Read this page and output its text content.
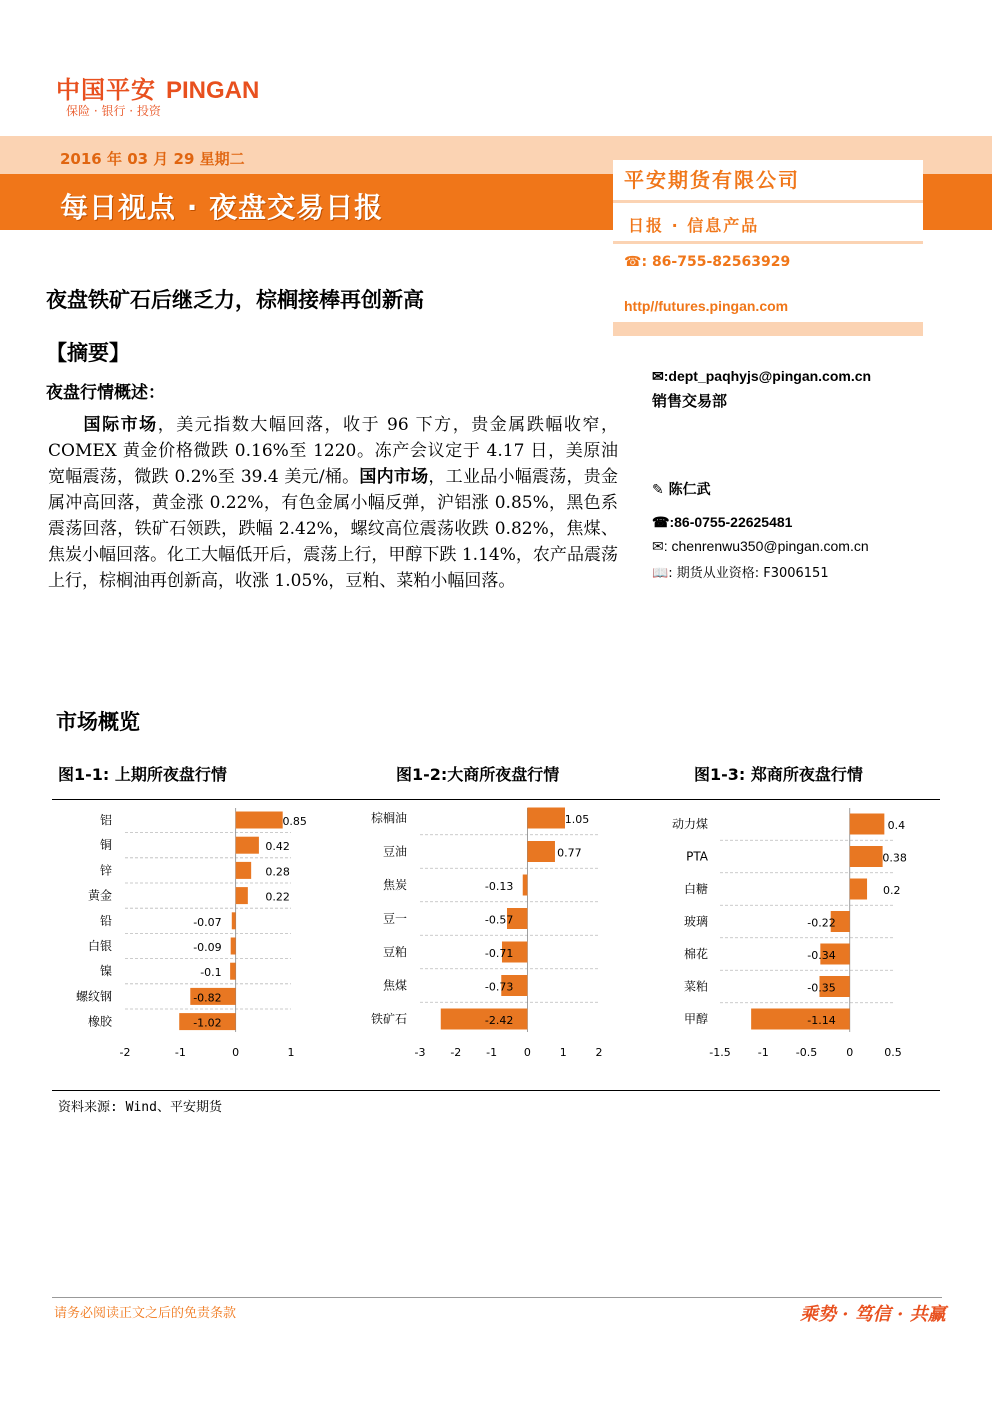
中国平安 PINGAN
保险 · 银行 · 投资
2016 年 03 月 29 星期二
每日视点 · 夜盘交易日报
平安期货有限公司
日报 · 信息产品
☎: 86-755-82563929
http//futures.pingan.com
✉:dept_paqhyjs@pingan.com.cn
销售交易部
✎ 陈仁武
☎:86-0755-22625481
✉: chenrenwu350@pingan.com.cn
📖: 期货从业资格: F3006151
夜盘铁矿石后继乏力，棕榈接棒再创新高
【摘要】
夜盘行情概述：
  国际市场，美元指数大幅回落，收于 96 下方，贵金属跌幅收窄，COMEX 黄金价格微跌 0.16%至 1220。冻产会议定于 4.17 日，美原油宽幅震荡，微跌 0.2%至 39.4 美元/桶。国内市场，工业品小幅震荡，贵金属冲高回落，黄金涨 0.22%，有色金属小幅反弹，沪铝涨 0.85%，黑色系震荡回落，铁矿石领跌，跌幅 2.42%，螺纹高位震荡收跌 0.82%，焦煤、焦炭小幅回落。化工大幅低开后，震荡上行，甲醇下跌 1.14%，农产品震荡上行，棕榈油再创新高，收涨 1.05%，豆粕、菜粕小幅回落。
市场概览
图1-1: 上期所夜盘行情	图1-2:大商所夜盘行情	图1-3: 郑商所夜盘行情
铝	0.85
铜	0.42
锌	0.28
黄金	0.22
铅	-0.07
白银	-0.09
镍	-0.1
螺纹钢	-0.82
橡胶	-1.02
-2	-1	0	1
棕榈油	1.05
豆油	0.77
焦炭	-0.13
豆一	-0.57
豆粕	-0.71
焦煤	-0.73
铁矿石	-2.42
-3 -2 -1 0	1	2
动力煤	0.4
PTA	0.38
白糖	0.2
玻璃	-0.22
棉花	-0.34
菜粕	-0.35
甲醇	-1.14
-1.5 -1 -0.5	0	0.5
资料来源: Wind、平安期货
请务必阅读正文之后的免责条款	乘势 · 笃信 · 共赢
